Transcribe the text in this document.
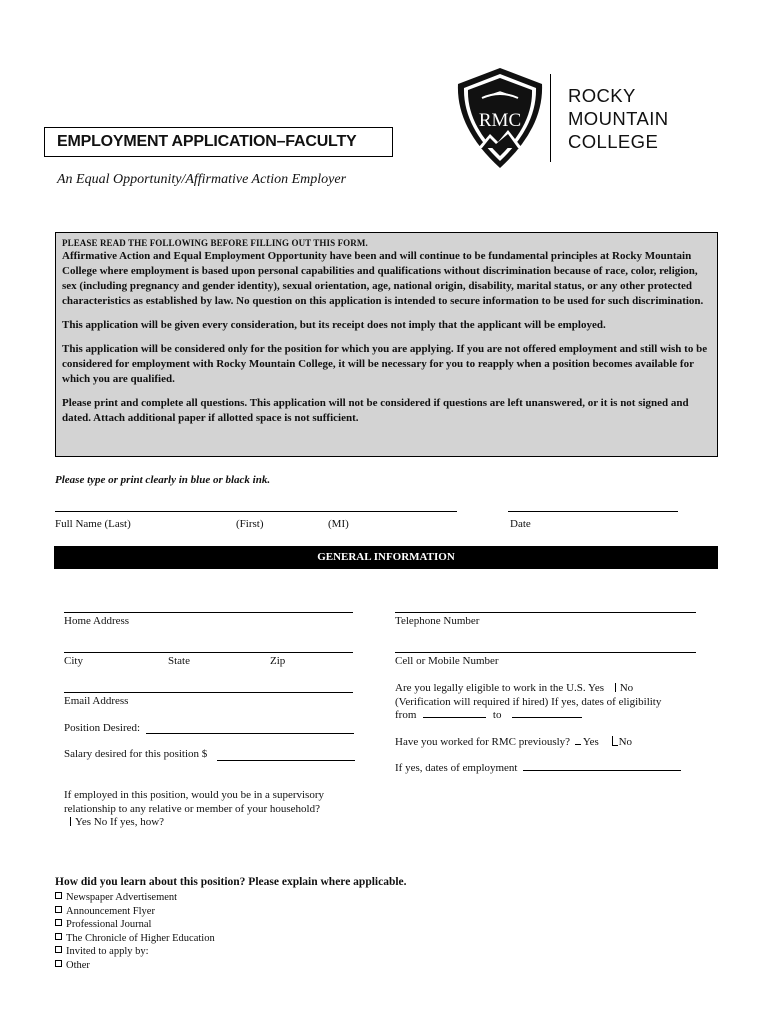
EMPLOYMENT APPLICATION–FACULTY
An Equal Opportunity/Affirmative Action Employer
RMC
ROCKY
MOUNTAIN
COLLEGE

PLEASE READ THE FOLLOWING BEFORE FILLING OUT THIS FORM.

Affirmative Action and Equal Employment Opportunity have been and will continue to be fundamental principles at Rocky Mountain College where employment is based upon personal capabilities and qualifications without discrimination because of race, color, religion, sex (including pregnancy and gender identity), sexual orientation, age, national origin, disability, marital status, or any other protected characteristics as established by law. No question on this application is intended to secure information to be used for such discrimination.

This application will be given every consideration, but its receipt does not imply that the applicant will be employed.

This application will be considered only for the position for which you are applying. If you are not offered employment and still wish to be considered for employment with Rocky Mountain College, it will be necessary for you to reapply when a position becomes available for which you are qualified.

Please print and complete all questions. This application will not be considered if questions are left unanswered, or it is not signed and dated. Attach additional paper if allotted space is not sufficient.

Please type or print clearly in blue or black ink.
Full Name (Last)	(First)	(MI)	Date
GENERAL INFORMATION
Home Address
City	State	Zip
Email Address
Position Desired:
Salary desired for this position $
If employed in this position, would you be in a supervisory
relationship to any relative or member of your household?
Yes No If yes, how?
Telephone Number
Cell or Mobile Number
Are you legally eligible to work in the U.S. Yes No
(Verification will required if hired) If yes, dates of eligibility
from	to
Have you worked for RMC previously? Yes No
If yes, dates of employment
How did you learn about this position? Please explain where applicable.
Newspaper Advertisement
Announcement Flyer
Professional Journal
The Chronicle of Higher Education
Invited to apply by:
Other
